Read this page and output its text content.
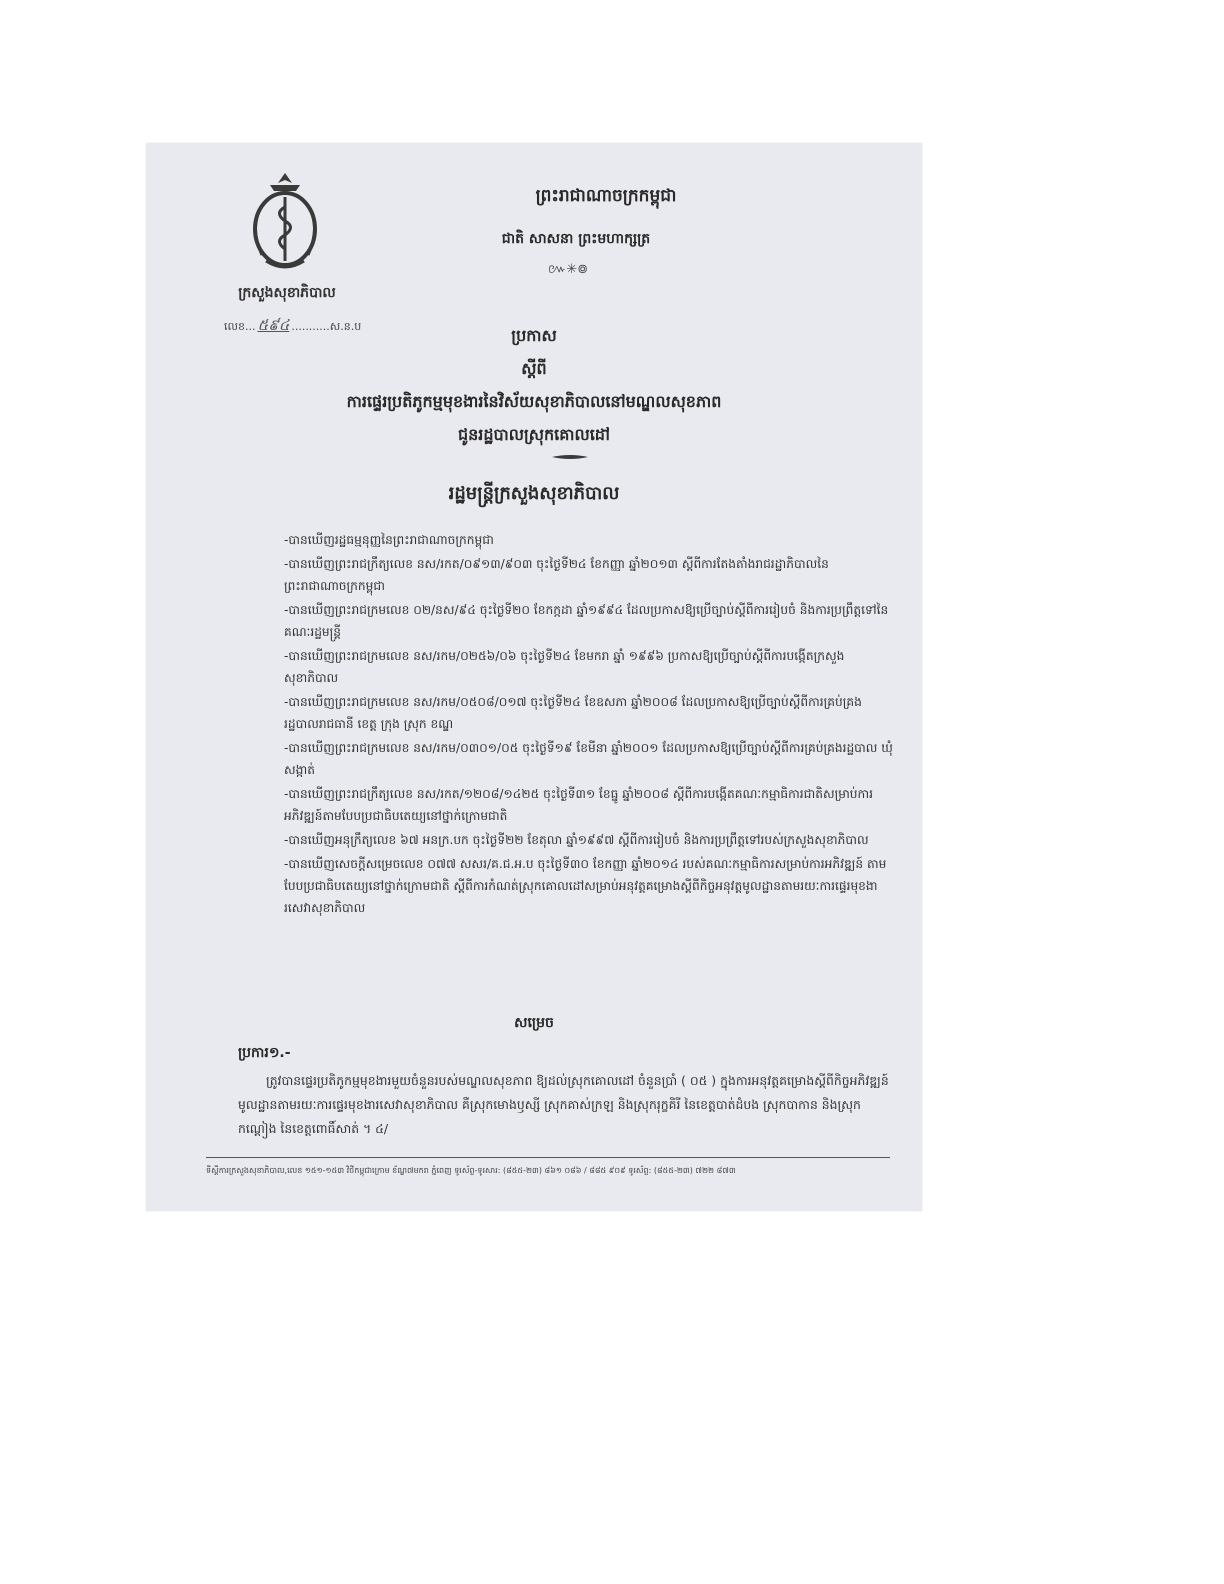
ក្រសួងសុខាភិបាល
លេខ... ៥៩៤ ...........ស.ន.ប
ព្រះរាជាណាចក្រកម្ពុជា
ជាតិ សាសនា ព្រះមហាក្សត្រ
៚✳៙
ប្រកាស
ស្តីពី
ការផ្ទេរប្រតិភូកម្មមុខងារនៃវិស័យសុខាភិបាលនៅមណ្ឌលសុខភាព
ជូនរដ្ឋបាលស្រុកគោលដៅ
រដ្ឋមន្ត្រីក្រសួងសុខាភិបាល

-បានឃើញរដ្ឋធម្មនុញ្ញនៃព្រះរាជាណាចក្រកម្ពុជា

-បានឃើញព្រះរាជក្រឹត្យលេខ នស/រកត/០៩១៣/៩០៣ ចុះថ្ងៃទី២៤ ខែកញ្ញា ឆ្នាំ២០១៣ ស្តីពីការតែងតាំងរាជរដ្ឋាភិបាលនៃព្រះរាជាណាចក្រកម្ពុជា

-បានឃើញព្រះរាជក្រមលេខ ០២/នស/៩៤ ចុះថ្ងៃទី២០ ខែកក្កដា ឆ្នាំ១៩៩៤ ដែលប្រកាសឱ្យប្រើច្បាប់ស្តីពីការរៀបចំ និងការប្រព្រឹត្តទៅនៃគណៈរដ្ឋមន្ត្រី

-បានឃើញព្រះរាជក្រមលេខ នស/រកម/០២៥៦/០៦ ចុះថ្ងៃទី២៤ ខែមករា ឆ្នាំ ១៩៩៦ ប្រកាសឱ្យប្រើច្បាប់ស្តីពីការបង្កើតក្រសួងសុខាភិបាល

-បានឃើញព្រះរាជក្រមលេខ នស/រកម/០៥០៨/០១៧ ចុះថ្ងៃទី២៤ ខែឧសភា ឆ្នាំ២០០៨ ដែលប្រកាសឱ្យប្រើច្បាប់ស្តីពីការគ្រប់គ្រងរដ្ឋបាលរាជធានី ខេត្ត ក្រុង ស្រុក ខណ្ឌ

-បានឃើញព្រះរាជក្រមលេខ នស/រកម/០៣០១/០៥ ចុះថ្ងៃទី១៩ ខែមីនា ឆ្នាំ២០០១ ដែលប្រកាសឱ្យប្រើច្បាប់ស្តីពីការគ្រប់គ្រងរដ្ឋបាល ឃុំ សង្កាត់

-បានឃើញព្រះរាជក្រឹត្យលេខ នស/រកត/១២០៨/១៤២៥ ចុះថ្ងៃទី៣១ ខែធ្នូ ឆ្នាំ២០០៨ ស្តីពីការបង្កើតគណៈកម្មាធិការជាតិសម្រាប់ការអភិវឌ្ឍន៍តាមបែបប្រជាធិបតេយ្យនៅថ្នាក់ក្រោមជាតិ

-បានឃើញអនុក្រឹត្យលេខ ៦៧ អនក្រ.បក ចុះថ្ងៃទី២២ ខែតុលា ឆ្នាំ១៩៩៧ ស្តីពីការរៀបចំ និងការប្រព្រឹត្តទៅរបស់ក្រសួងសុខាភិបាល

-បានឃើញសេចក្តីសម្រេចលេខ ០៧៧ សសរ/គ.ជ.អ.ប ចុះថ្ងៃទី៣០ ខែកញ្ញា ឆ្នាំ២០១៤ របស់គណៈកម្មាធិការសម្រាប់ការអភិវឌ្ឍន៍ តាមបែបប្រជាធិបតេយ្យនៅថ្នាក់ក្រោមជាតិ ស្តីពីការកំណត់ស្រុកគោលដៅសម្រាប់អនុវត្តគម្រោងស្តីពីកិច្ចអនុវត្តមូលដ្ឋានតាមរយៈការផ្ទេរមុខងារសេវាសុខាភិបាល

សម្រេច
ប្រការ១.-
ត្រូវបានផ្ទេរប្រតិភូកម្មមុខងារមួយចំនួនរបស់មណ្ឌលសុខភាព ឱ្យដល់ស្រុកគោលដៅ ចំនួនប្រាំ ( ០៥ ) ក្នុងការអនុវត្តគម្រោងស្តីពីកិច្ចអភិវឌ្ឍន៍មូលដ្ឋានតាមរយៈការផ្ទេរមុខងារសេវាសុខាភិបាល គឺស្រុកមោងឫស្សី ស្រុកគាស់ក្រឡ និងស្រុករុក្ខគិរី នៃខេត្តបាត់ដំបង ស្រុកបាកាន និងស្រុកកណ្តៀង នៃខេត្តពោធិ៍សាត់ ។ ៤/
ទីស្តីការក្រសួងសុខាភិបាល,លេខ ១៥១-១៥៣ វិថីកម្ពុជាក្រោម ខ័ណ្ឌ៧មករា ភ្នំពេញ ទូរស័ព្ទ-ទូរសារ: (៨៥៥-២៣) ៨៦១ ០៨៦ / ៨៨៥ ៩០៩ ទូរស័ព្ទ: (៨៥៥-២៣) ៧២២ ៨៧៣
